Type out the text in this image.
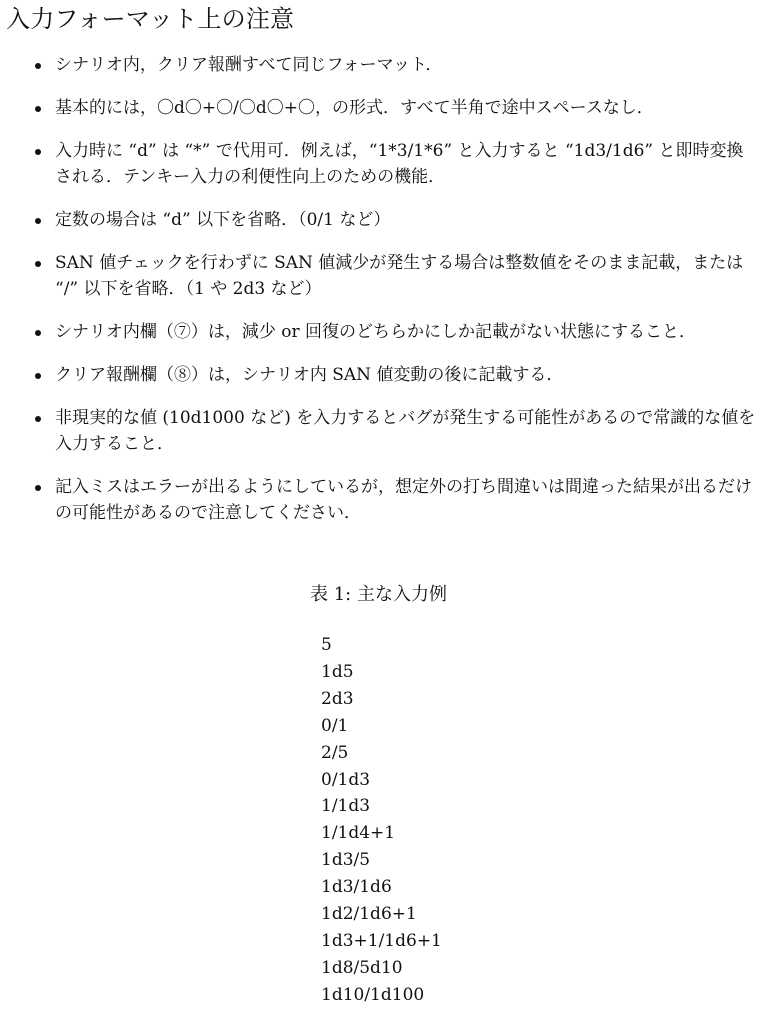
入力フォーマット上の注意
シナリオ内，クリア報酬すべて同じフォーマット．
基本的には，〇d〇+〇/〇d〇+〇，の形式．すべて半角で途中スペースなし．
入力時に “d” は “*” で代用可．例えば，“1*3/1*6” と入力すると “1d3/1d6” と即時変換される．テンキー入力の利便性向上のための機能．
定数の場合は “d” 以下を省略．（0/1 など）
SAN 値チェックを行わずに SAN 値減少が発生する場合は整数値をそのまま記載，または “/” 以下を省略．（1 や 2d3 など）
シナリオ内欄（⑦）は，減少 or 回復のどちらかにしか記載がない状態にすること．
クリア報酬欄（⑧）は，シナリオ内 SAN 値変動の後に記載する．
非現実的な値 (10d1000 など) を入力するとバグが発生する可能性があるので常識的な値を入力すること．
記入ミスはエラーが出るようにしているが，想定外の打ち間違いは間違った結果が出るだけの可能性があるので注意してください．
表 1: 主な入力例
5
1d5
2d3
0/1
2/5
0/1d3
1/1d3
1/1d4+1
1d3/5
1d3/1d6
1d2/1d6+1
1d3+1/1d6+1
1d8/5d10
1d10/1d100
